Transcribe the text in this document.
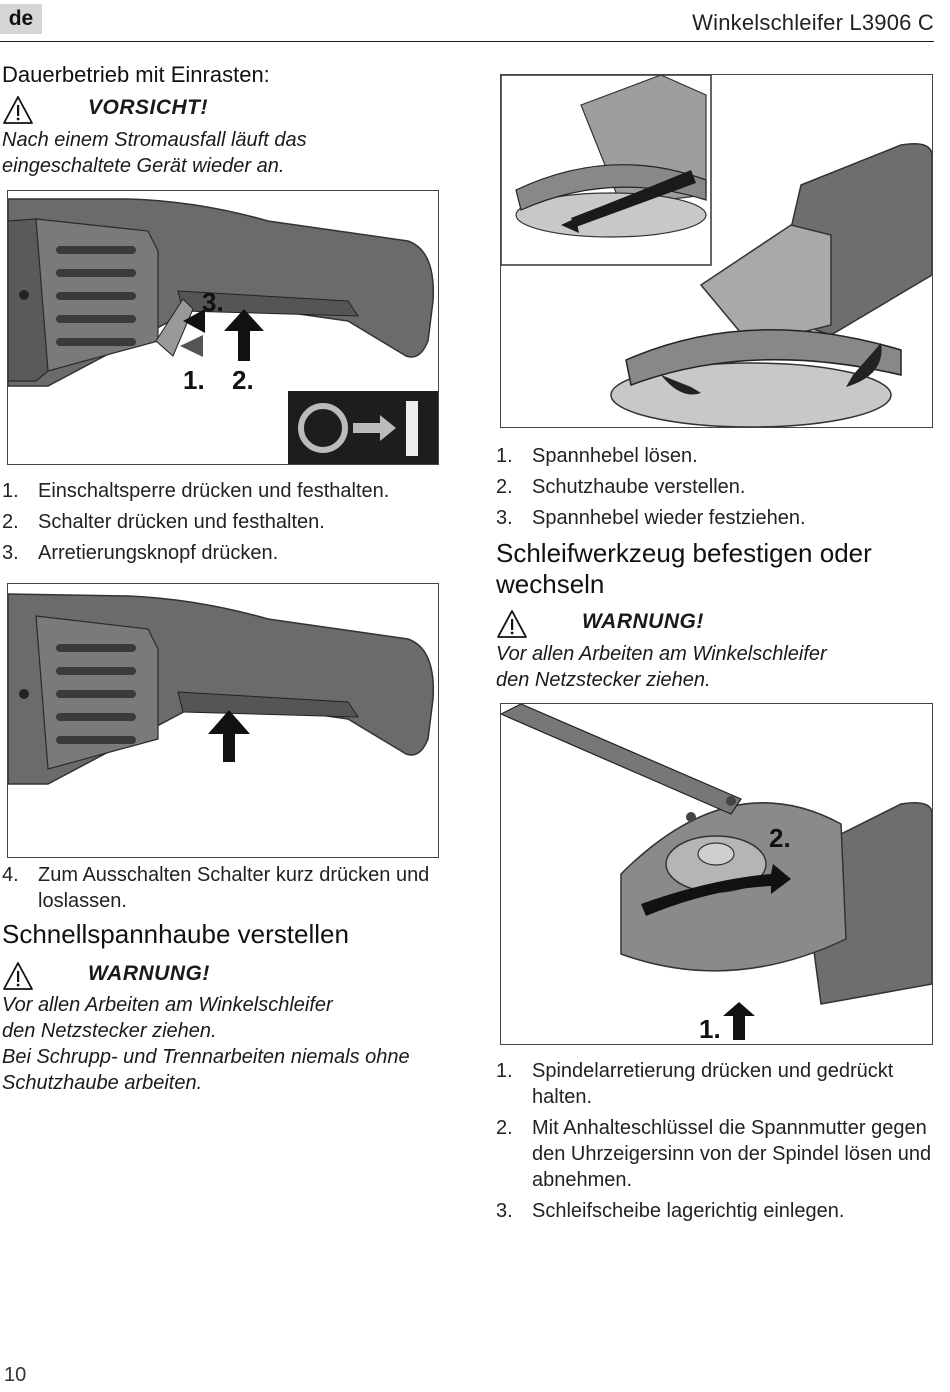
de	Winkelschleifer L3906 C
Dauerbetrieb mit Einrasten:
VORSICHT!
Nach einem Stromausfall läuft das
eingeschaltete Gerät wieder an.
3.
1. 2.
1. Einschaltsperre drücken und festhalten.
2. Schalter drücken und festhalten.
3. Arretierungsknopf drücken.
4. Zum Ausschalten Schalter kurz drücken und loslassen.
Schnellspannhaube verstellen
WARNUNG!
Vor allen Arbeiten am Winkelschleifer
den Netzstecker ziehen.
Bei Schrupp- und Trennarbeiten niemals ohne
Schutzhaube arbeiten.
1. Spannhebel lösen.
2. Schutzhaube verstellen.
3. Spannhebel wieder festziehen.
Schleifwerkzeug befestigen oder wechseln
WARNUNG!
Vor allen Arbeiten am Winkelschleifer
den Netzstecker ziehen.
2.
1.
1. Spindelarretierung drücken und gedrückt halten.
2. Mit Anhalteschlüssel die Spannmutter gegen den Uhrzeigersinn von der Spindel lösen und abnehmen.
3. Schleifscheibe lagerichtig einlegen.
10
